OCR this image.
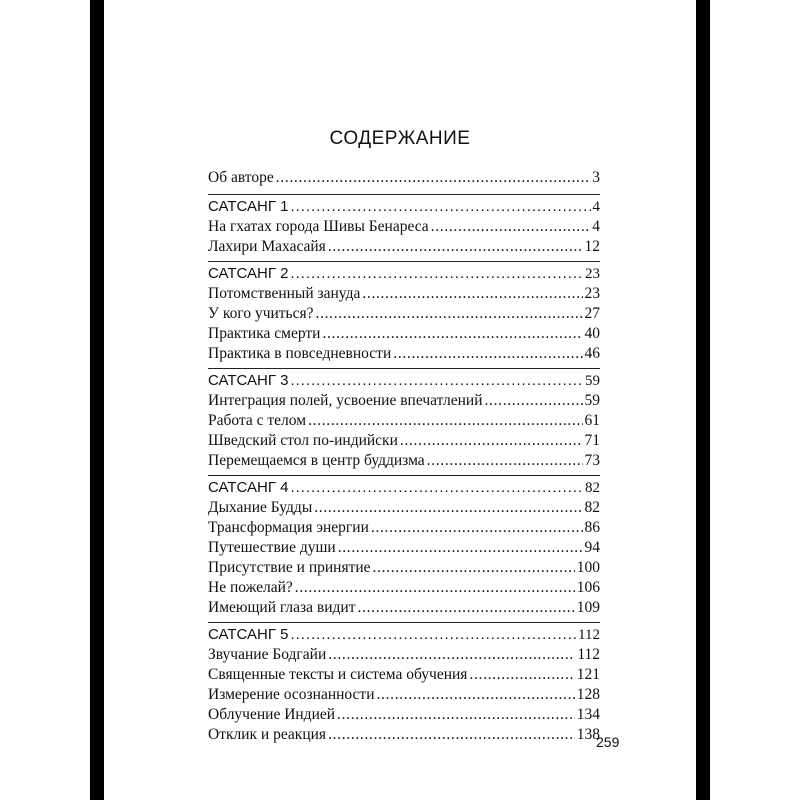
СОДЕРЖАНИЕ
Об авторе . . .	3
САТСАНГ 1 . . .	4
На гхатах города Шивы Бенареса . . .	4
Лахири Махасайя . . .	12
САТСАНГ 2 . . .	23
Потомственный зануда . . .	23
У кого учиться? . . .	27
Практика смерти . . .	40
Практика в повседневности . . .	46
САТСАНГ 3 . . .	59
Интеграция полей, усвоение впечатлений . . .	59
Работа с телом . . .	61
Шведский стол по-индийски . . .	71
Перемещаемся в центр буддизма . . .	73
САТСАНГ 4 . . .	82
Дыхание Будды . . .	82
Трансформация энергии . . .	86
Путешествие души . . .	94
Присутствие и принятие . . .	100
Не пожелай? . . .	106
Имеющий глаза видит . . .	109
САТСАНГ 5 . . .	112
Звучание Бодгайи . . .	112
Священные тексты и система обучения . . .	121
Измерение осознанности . . .	128
Облучение Индией . . .	134
Отклик и реакция . . .	138
259
